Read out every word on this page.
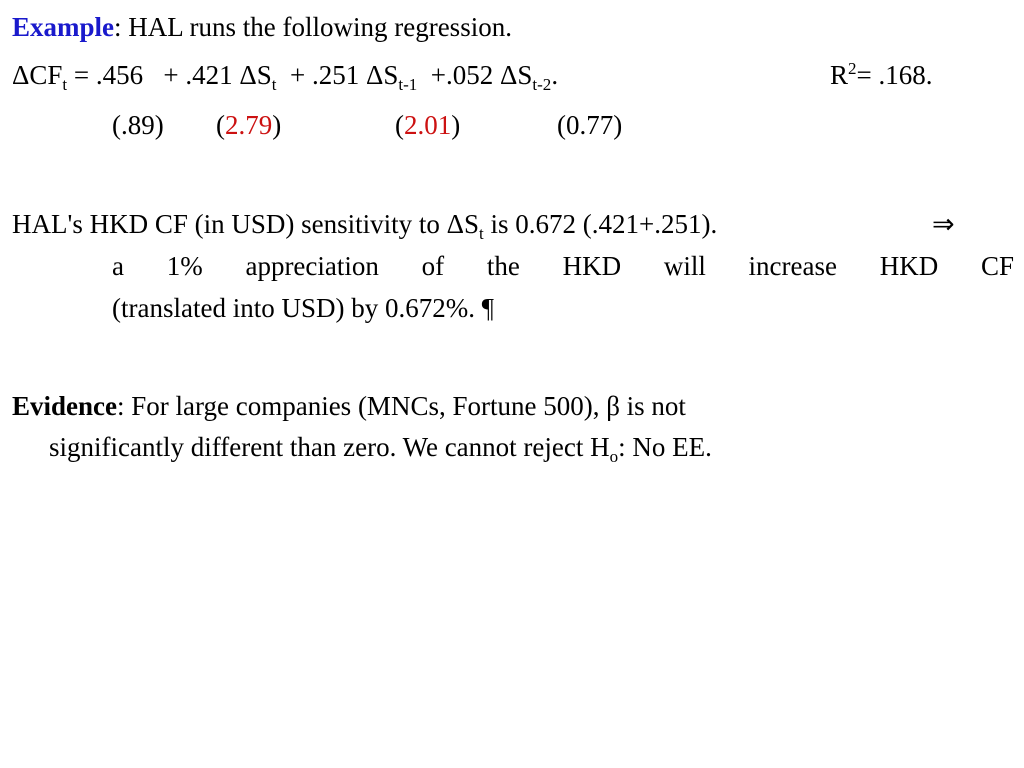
Example: HAL runs the following regression.
$\Delta CF_t = .456 + .421$ $\Delta S_t + .251$ $\Delta S_{t-1} +.052$ $\Delta S_{t-2}$.	$R^2= .168$.
(.89) (2.79)	(2.01)	(0.77)
HAL's HKD CF (in USD) sensitivity to $\Delta S_t$ is 0.672 (.421+.251).	⇒
a 1% appreciation of the HKD will increase HKD CF
(translated into USD) by 0.672%. ¶
Evidence: For large companies (MNCs, Fortune 500), β is not
significantly different than zero. We cannot reject $H_o$: No EE.
